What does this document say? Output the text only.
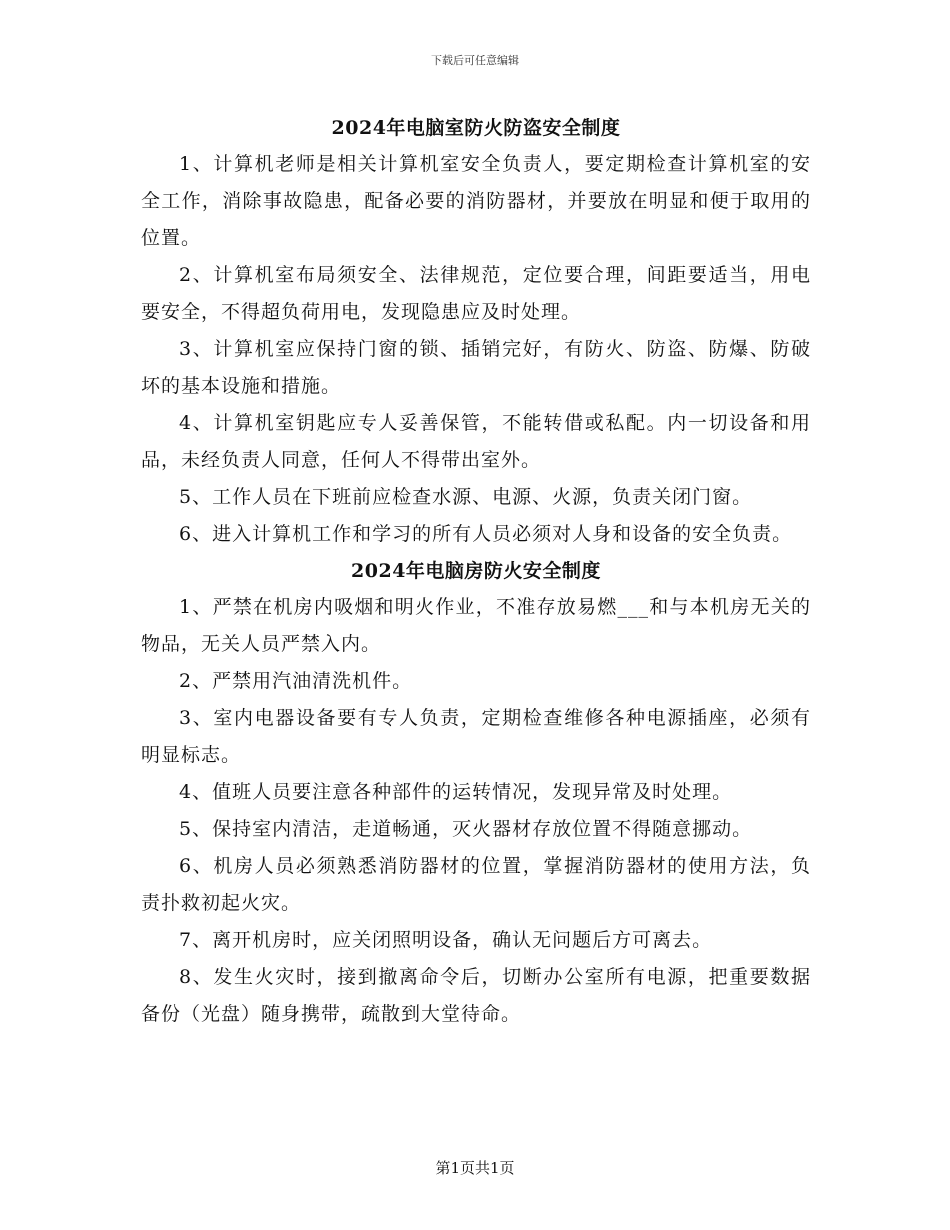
下载后可任意编辑
2024年电脑室防火防盗安全制度

1、计算机老师是相关计算机室安全负责人，要定期检查计算机室的安全工作，消除事故隐患，配备必要的消防器材，并要放在明显和便于取用的位置。

2、计算机室布局须安全、法律规范，定位要合理，间距要适当，用电要安全，不得超负荷用电，发现隐患应及时处理。

3、计算机室应保持门窗的锁、插销完好，有防火、防盗、防爆、防破坏的基本设施和措施。

4、计算机室钥匙应专人妥善保管，不能转借或私配。内一切设备和用品，未经负责人同意，任何人不得带出室外。

5、工作人员在下班前应检查水源、电源、火源，负责关闭门窗。

6、进入计算机工作和学习的所有人员必须对人身和设备的安全负责。

2024年电脑房防火安全制度

1、严禁在机房内吸烟和明火作业，不准存放易燃___和与本机房无关的物品，无关人员严禁入内。

2、严禁用汽油清洗机件。

3、室内电器设备要有专人负责，定期检查维修各种电源插座，必须有明显标志。

4、值班人员要注意各种部件的运转情况，发现异常及时处理。

5、保持室内清洁，走道畅通，灭火器材存放位置不得随意挪动。

6、机房人员必须熟悉消防器材的位置，掌握消防器材的使用方法，负责扑救初起火灾。

7、离开机房时，应关闭照明设备，确认无问题后方可离去。

8、发生火灾时，接到撤离命令后，切断办公室所有电源，把重要数据备份（光盘）随身携带，疏散到大堂待命。

第1页共1页
